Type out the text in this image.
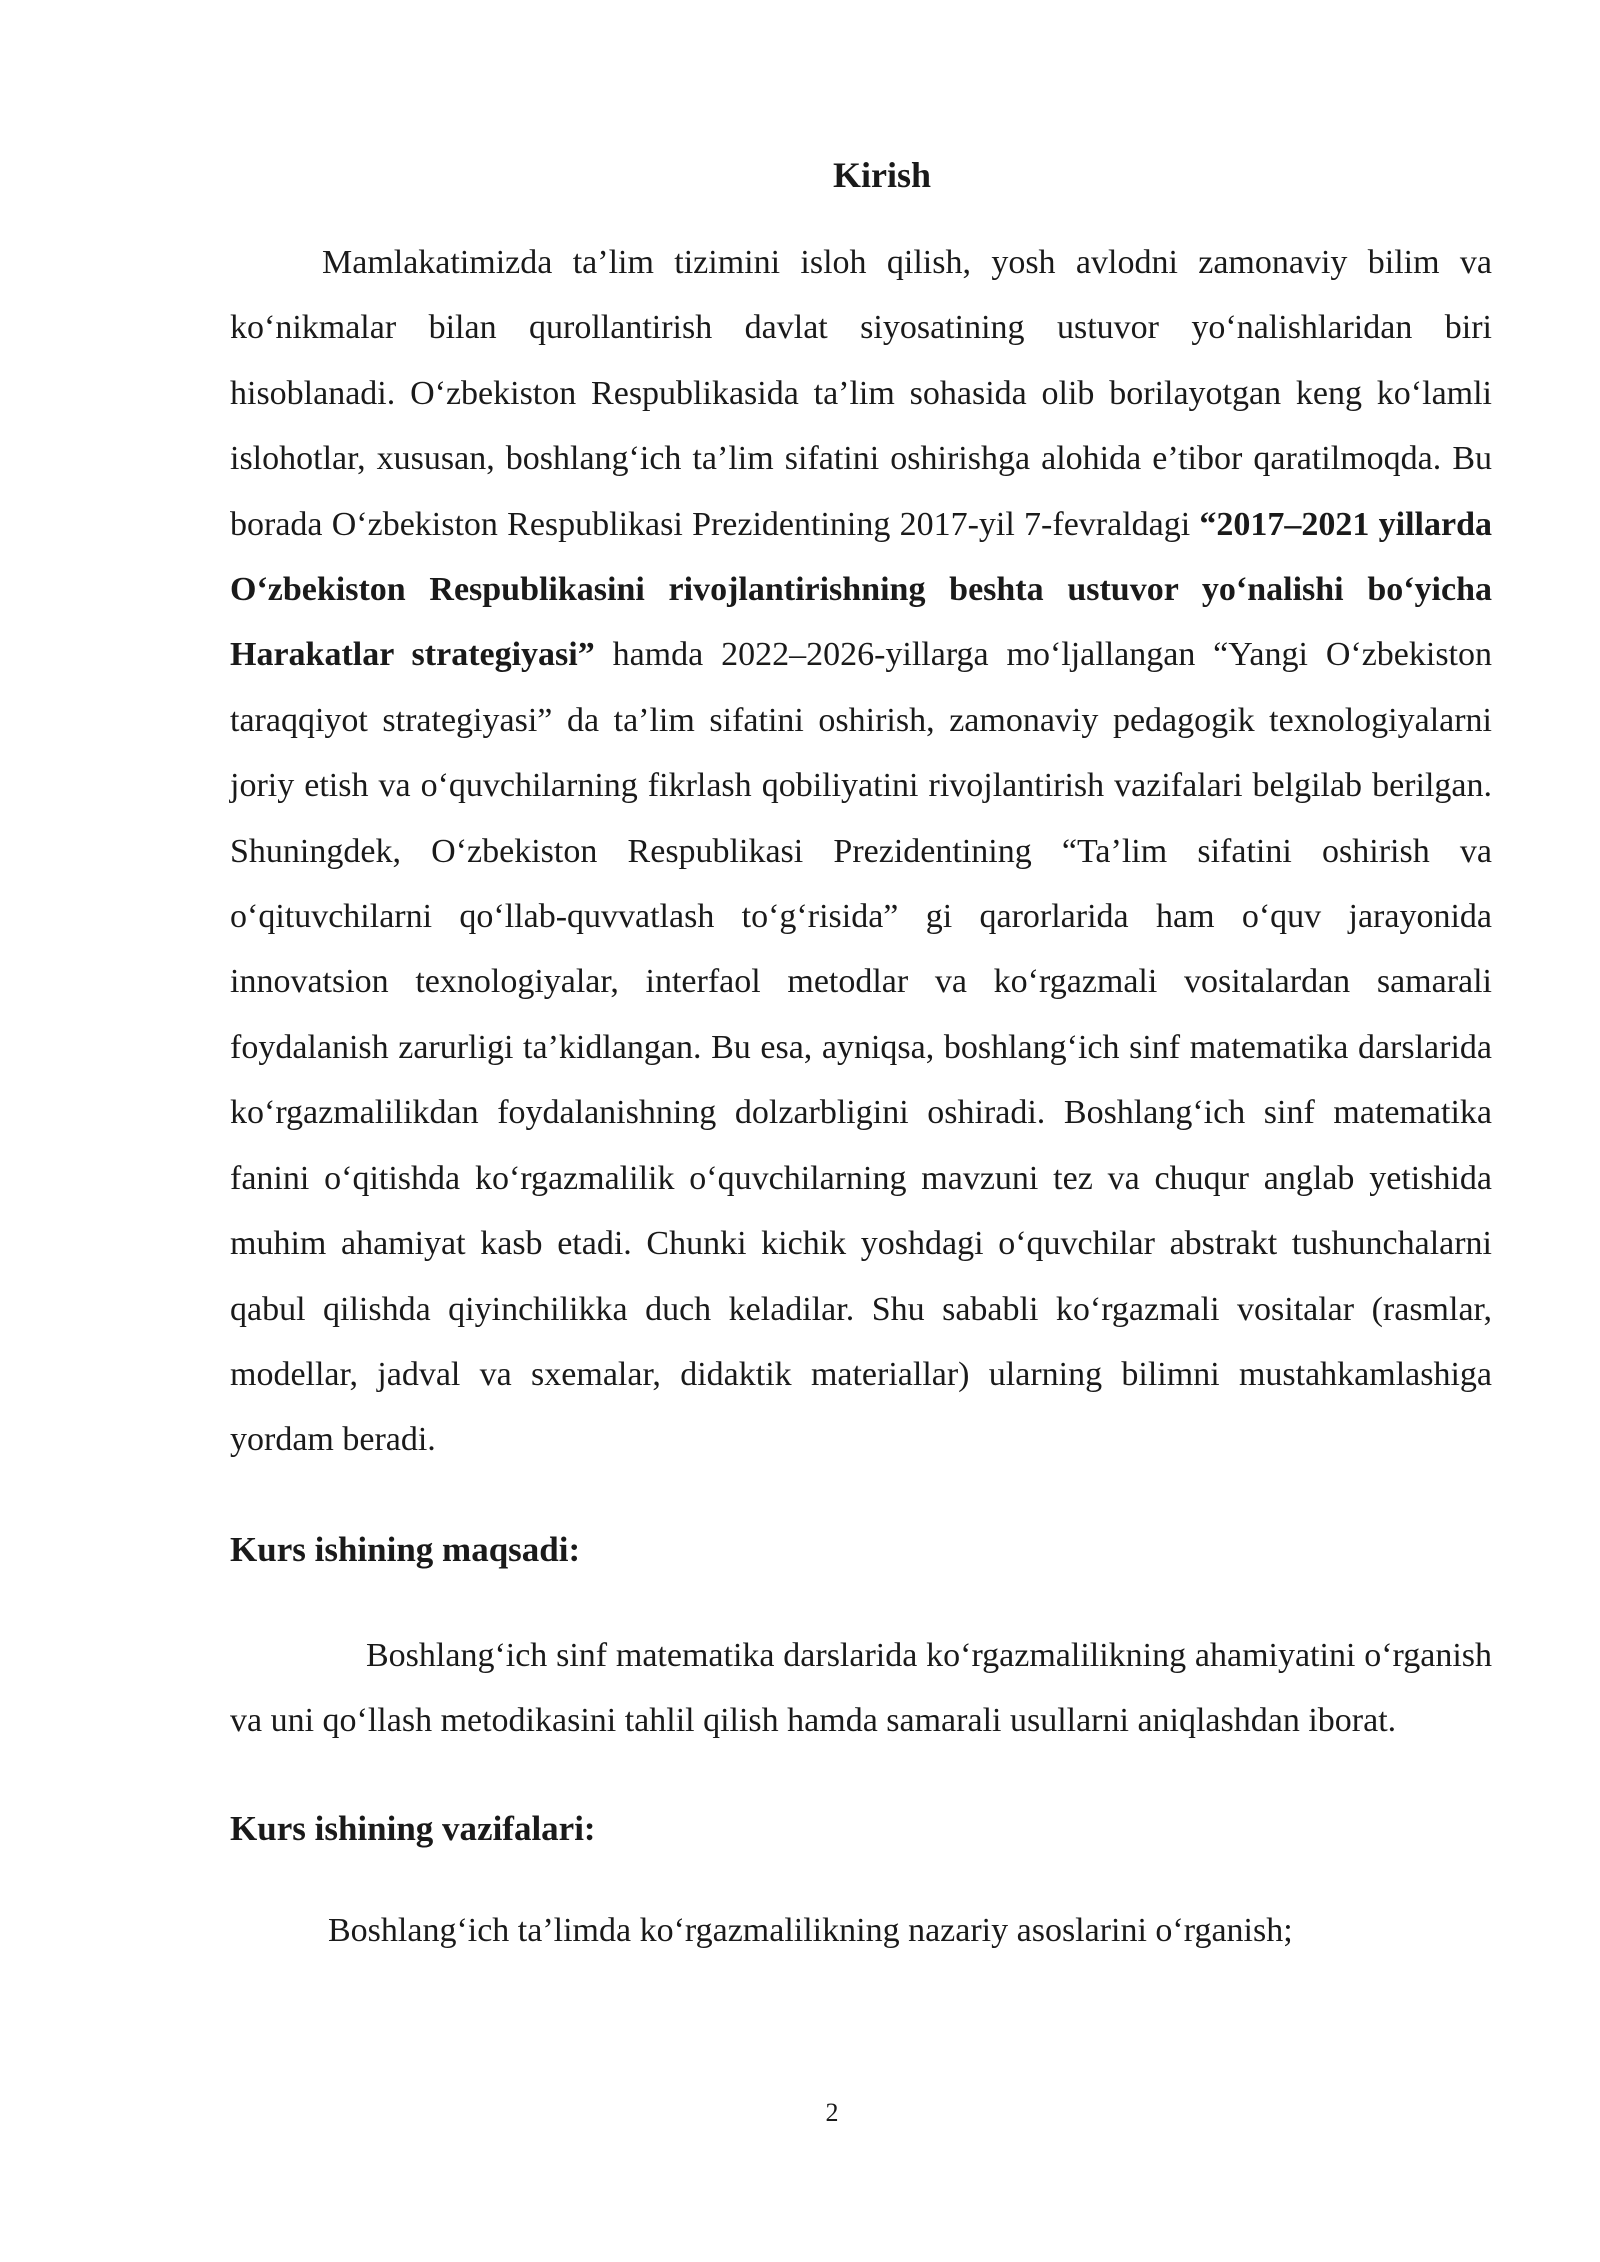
Kirish

Mamlakatimizda ta’lim tizimini isloh qilish, yosh avlodni zamonaviy bilim va ko‘nikmalar bilan qurollantirish davlat siyosatining ustuvor yo‘nalishlaridan biri hisoblanadi. O‘zbekiston Respublikasida ta’lim sohasida olib borilayotgan keng ko‘lamli islohotlar, xususan, boshlang‘ich ta’lim sifatini oshirishga alohida e’tibor qaratilmoqda. Bu borada O‘zbekiston Respublikasi Prezidentining 2017-yil 7-fevraldagi “2017–2021 yillarda O‘zbekiston Respublikasini rivojlantirishning beshta ustuvor yo‘nalishi bo‘yicha Harakatlar strategiyasi” hamda 2022–2026-yillarga mo‘ljallangan “Yangi O‘zbekiston taraqqiyot strategiyasi” da ta’lim sifatini oshirish, zamonaviy pedagogik texnologiyalarni joriy etish va o‘quvchilarning fikrlash qobiliyatini rivojlantirish vazifalari belgilab berilgan. Shuningdek, O‘zbekiston Respublikasi Prezidentining “Ta’lim sifatini oshirish va o‘qituvchilarni qo‘llab-quvvatlash to‘g‘risida” gi qarorlarida ham o‘quv jarayonida innovatsion texnologiyalar, interfaol metodlar va ko‘rgazmali vositalardan samarali foydalanish zarurligi ta’kidlangan. Bu esa, ayniqsa, boshlang‘ich sinf matematika darslarida ko‘rgazmalilikdan foydalanishning dolzarbligini oshiradi. Boshlang‘ich sinf matematika fanini o‘qitishda ko‘rgazmalilik o‘quvchilarning mavzuni tez va chuqur anglab yetishida muhim ahamiyat kasb etadi. Chunki kichik yoshdagi o‘quvchilar abstrakt tushunchalarni qabul qilishda qiyinchilikka duch keladilar. Shu sababli ko‘rgazmali vositalar (rasmlar, modellar, jadval va sxemalar, didaktik materiallar) ularning bilimni mustahkamlashiga yordam beradi.

Kurs ishining maqsadi:

Boshlang‘ich sinf matematika darslarida ko‘rgazmalilikning ahamiyatini o‘rganish va uni qo‘llash metodikasini tahlil qilish hamda samarali usullarni aniqlashdan iborat.

Kurs ishining vazifalari:

Boshlang‘ich ta’limda ko‘rgazmalilikning nazariy asoslarini o‘rganish;

2
